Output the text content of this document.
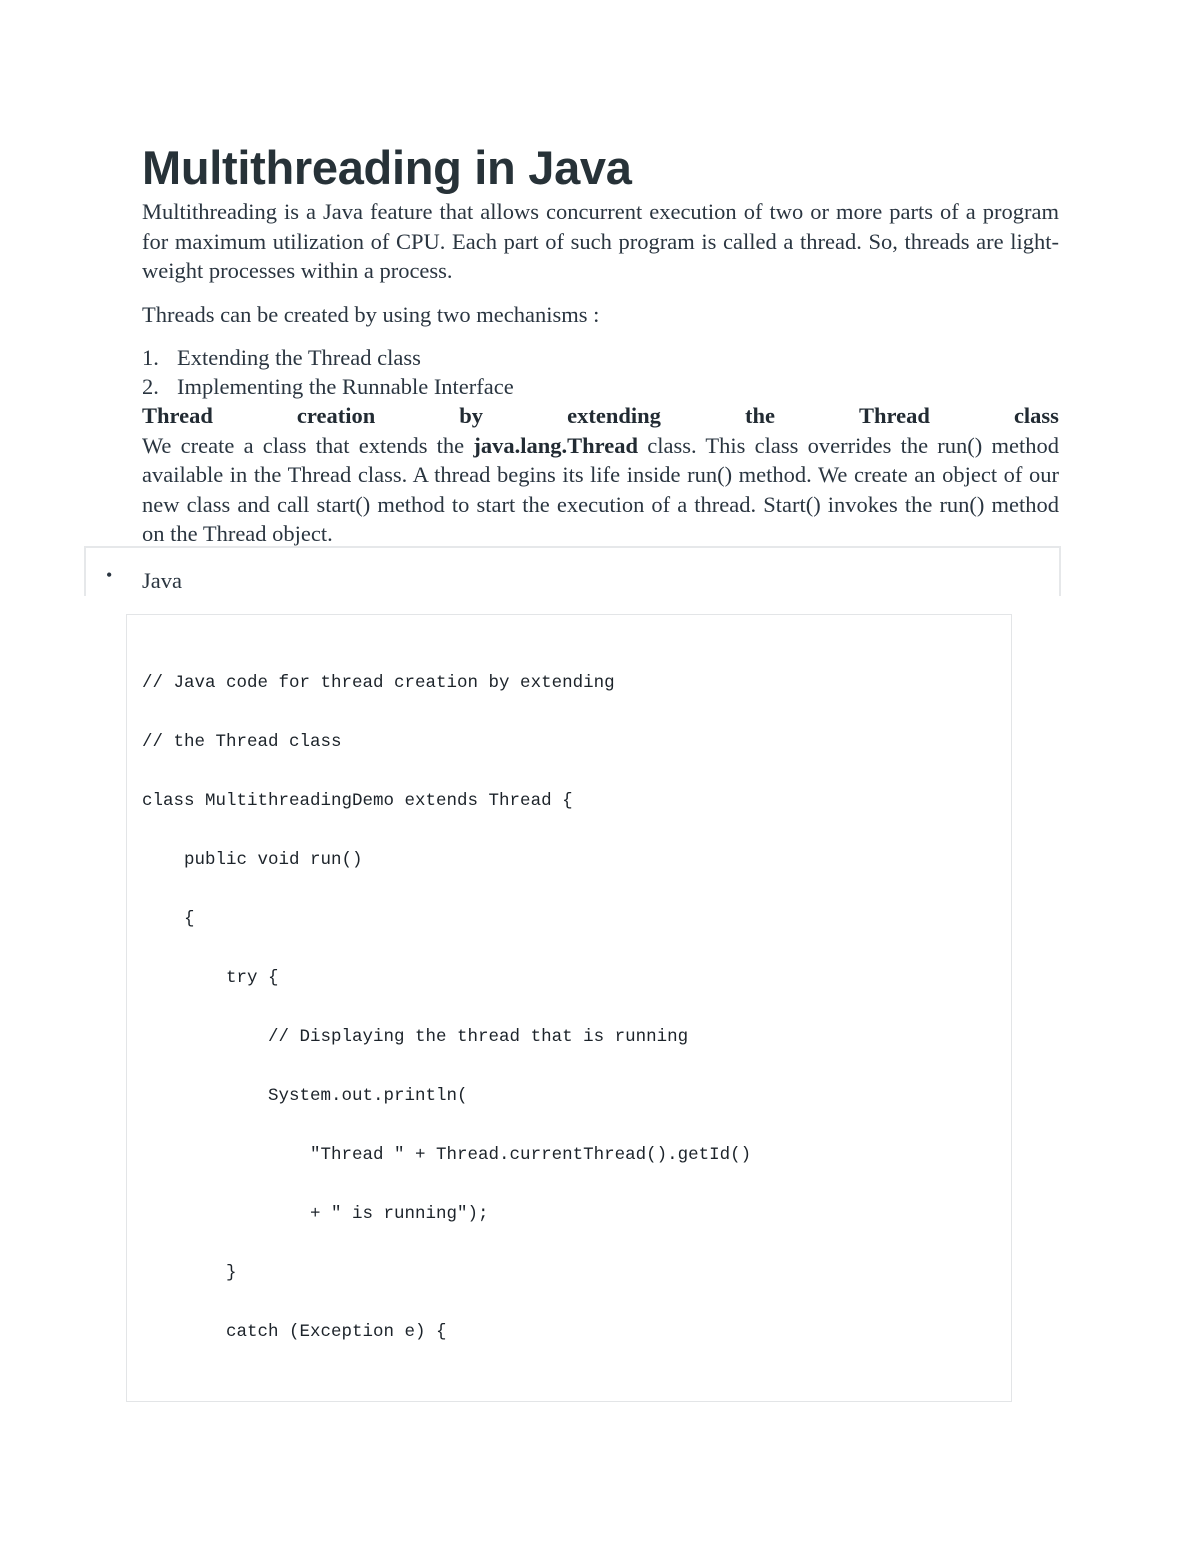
Multithreading in Java

Multithreading is a Java feature that allows concurrent execution of two or more parts of a program for maximum utilization of CPU. Each part of such program is called a thread. So, threads are light-weight processes within a process.

Threads can be created by using two mechanisms :

1. Extending the Thread class
2. Implementing the Runnable Interface
Thread	creation	by	extending	the	Thread	class

We create a class that extends the java.lang.Thread class. This class overrides the run() method available in the Thread class. A thread begins its life inside run() method. We create an object of our new class and call start() method to start the execution of a thread. Start() invokes the run() method on the Thread object.

• Java
// Java code for thread creation by extending
// the Thread class
class MultithreadingDemo extends Thread {
public void run()
{
try {
// Displaying the thread that is running
System.out.println(
"Thread " + Thread.currentThread().getId()
+ " is running");
}
catch (Exception e) {
